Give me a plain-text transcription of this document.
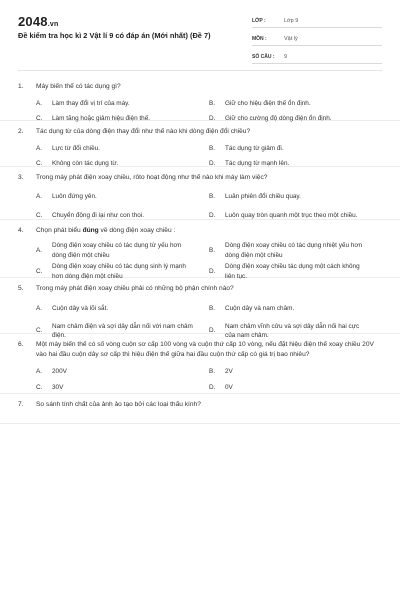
2048.vn
Đề kiểm tra học kì 2 Vật lí 9 có đáp án (Mới nhất) (Đề 7)
LỚP :	Lớp 9
MÔN :	Vật lý
SỐ CÂU :	9
1.	Máy biến thế có tác dụng gì?
A.	Làm thay đổi vị trí của máy.	B.	Giữ cho hiệu điện thế ổn định.
C.	Làm tăng hoặc giảm hiệu điện thế.	D.	Giữ cho cường độ dòng điện ổn định.
2.	Tác dụng từ của dòng điện thay đổi như thế nào khi dòng điện đổi chiều?
A.	Lực từ đổi chiều.	B.	Tác dụng từ giảm đi.
C.	Không còn tác dụng từ.	D.	Tác dụng từ mạnh lên.
3.	Trong máy phát điện xoay chiều, rôto hoạt động như thế nào khi máy làm việc?
A.	Luôn đứng yên.	B.	Luân phiên đổi chiều quay.
C.	Chuyển động đi lại như con thoi.	D.	Luôn quay tròn quanh một trục theo một chiều.
4.	Chọn phát biểu đúng về dòng điện xoay chiều :
A.
Dòng điện xoay chiều có tác dụng từ yếu hơn dòng điện một chiều
B.
Dòng điện xoay chiều có tác dụng nhiệt yếu hơn dòng điện một chiều
C.
Dòng điện xoay chiều có tác dụng sinh lý mạnh hơn dòng điện một chiều
D.
Dòng điện xoay chiều tác dụng một cách không liên tục.
5.	Trong máy phát điện xoay chiều phải có những bộ phận chính nào?
A.	Cuộn dây và lõi sắt.	B.	Cuộn dây và nam châm.
C.
Nam châm điện và sợi dây dẫn nối với nam châm điện.
D.
Nam châm vĩnh cửu và sợi dây dẫn nối hai cực của nam châm.
6.	Một máy biến thế có số vòng cuộn sơ cấp 100 vòng và cuộn thứ cấp 10 vòng, nếu đặt hiệu điện thế xoay chiều 20V vào hai đầu cuộn dây sơ cấp thì hiệu điện thế giữa hai đầu cuộn thứ cấp có giá trị bao nhiêu?
A.	200V	B.	2V
C.	30V	D.	0V
7.	So sánh tính chất của ảnh ảo tạo bởi các loại thấu kính?
